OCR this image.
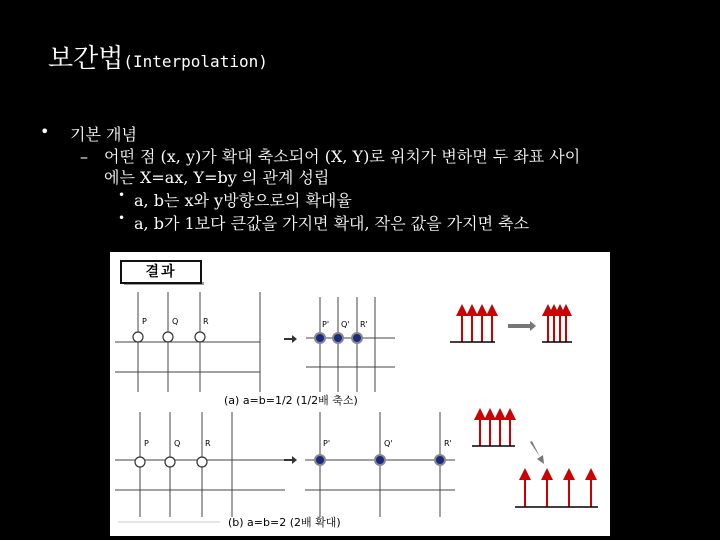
보간법(Interpolation)
• 기본 개념
– 어떤 점 (x, y)가 확대 축소되어 (X, Y)로 위치가 변하면 두 좌표 사이
에는 X=ax, Y=by 의 관계 성립
• a, b는 x와 y방향으로의 확대율
• a, b가 1보다 큰값을 가지면 확대, 작은 값을 가지면 축소
결과
P	Q	R	P' Q' R'
(a) a=b=1/2 (1/2배 축소)
P	Q	R	P'	Q'	R'
(b) a=b=2 (2배 확대)
